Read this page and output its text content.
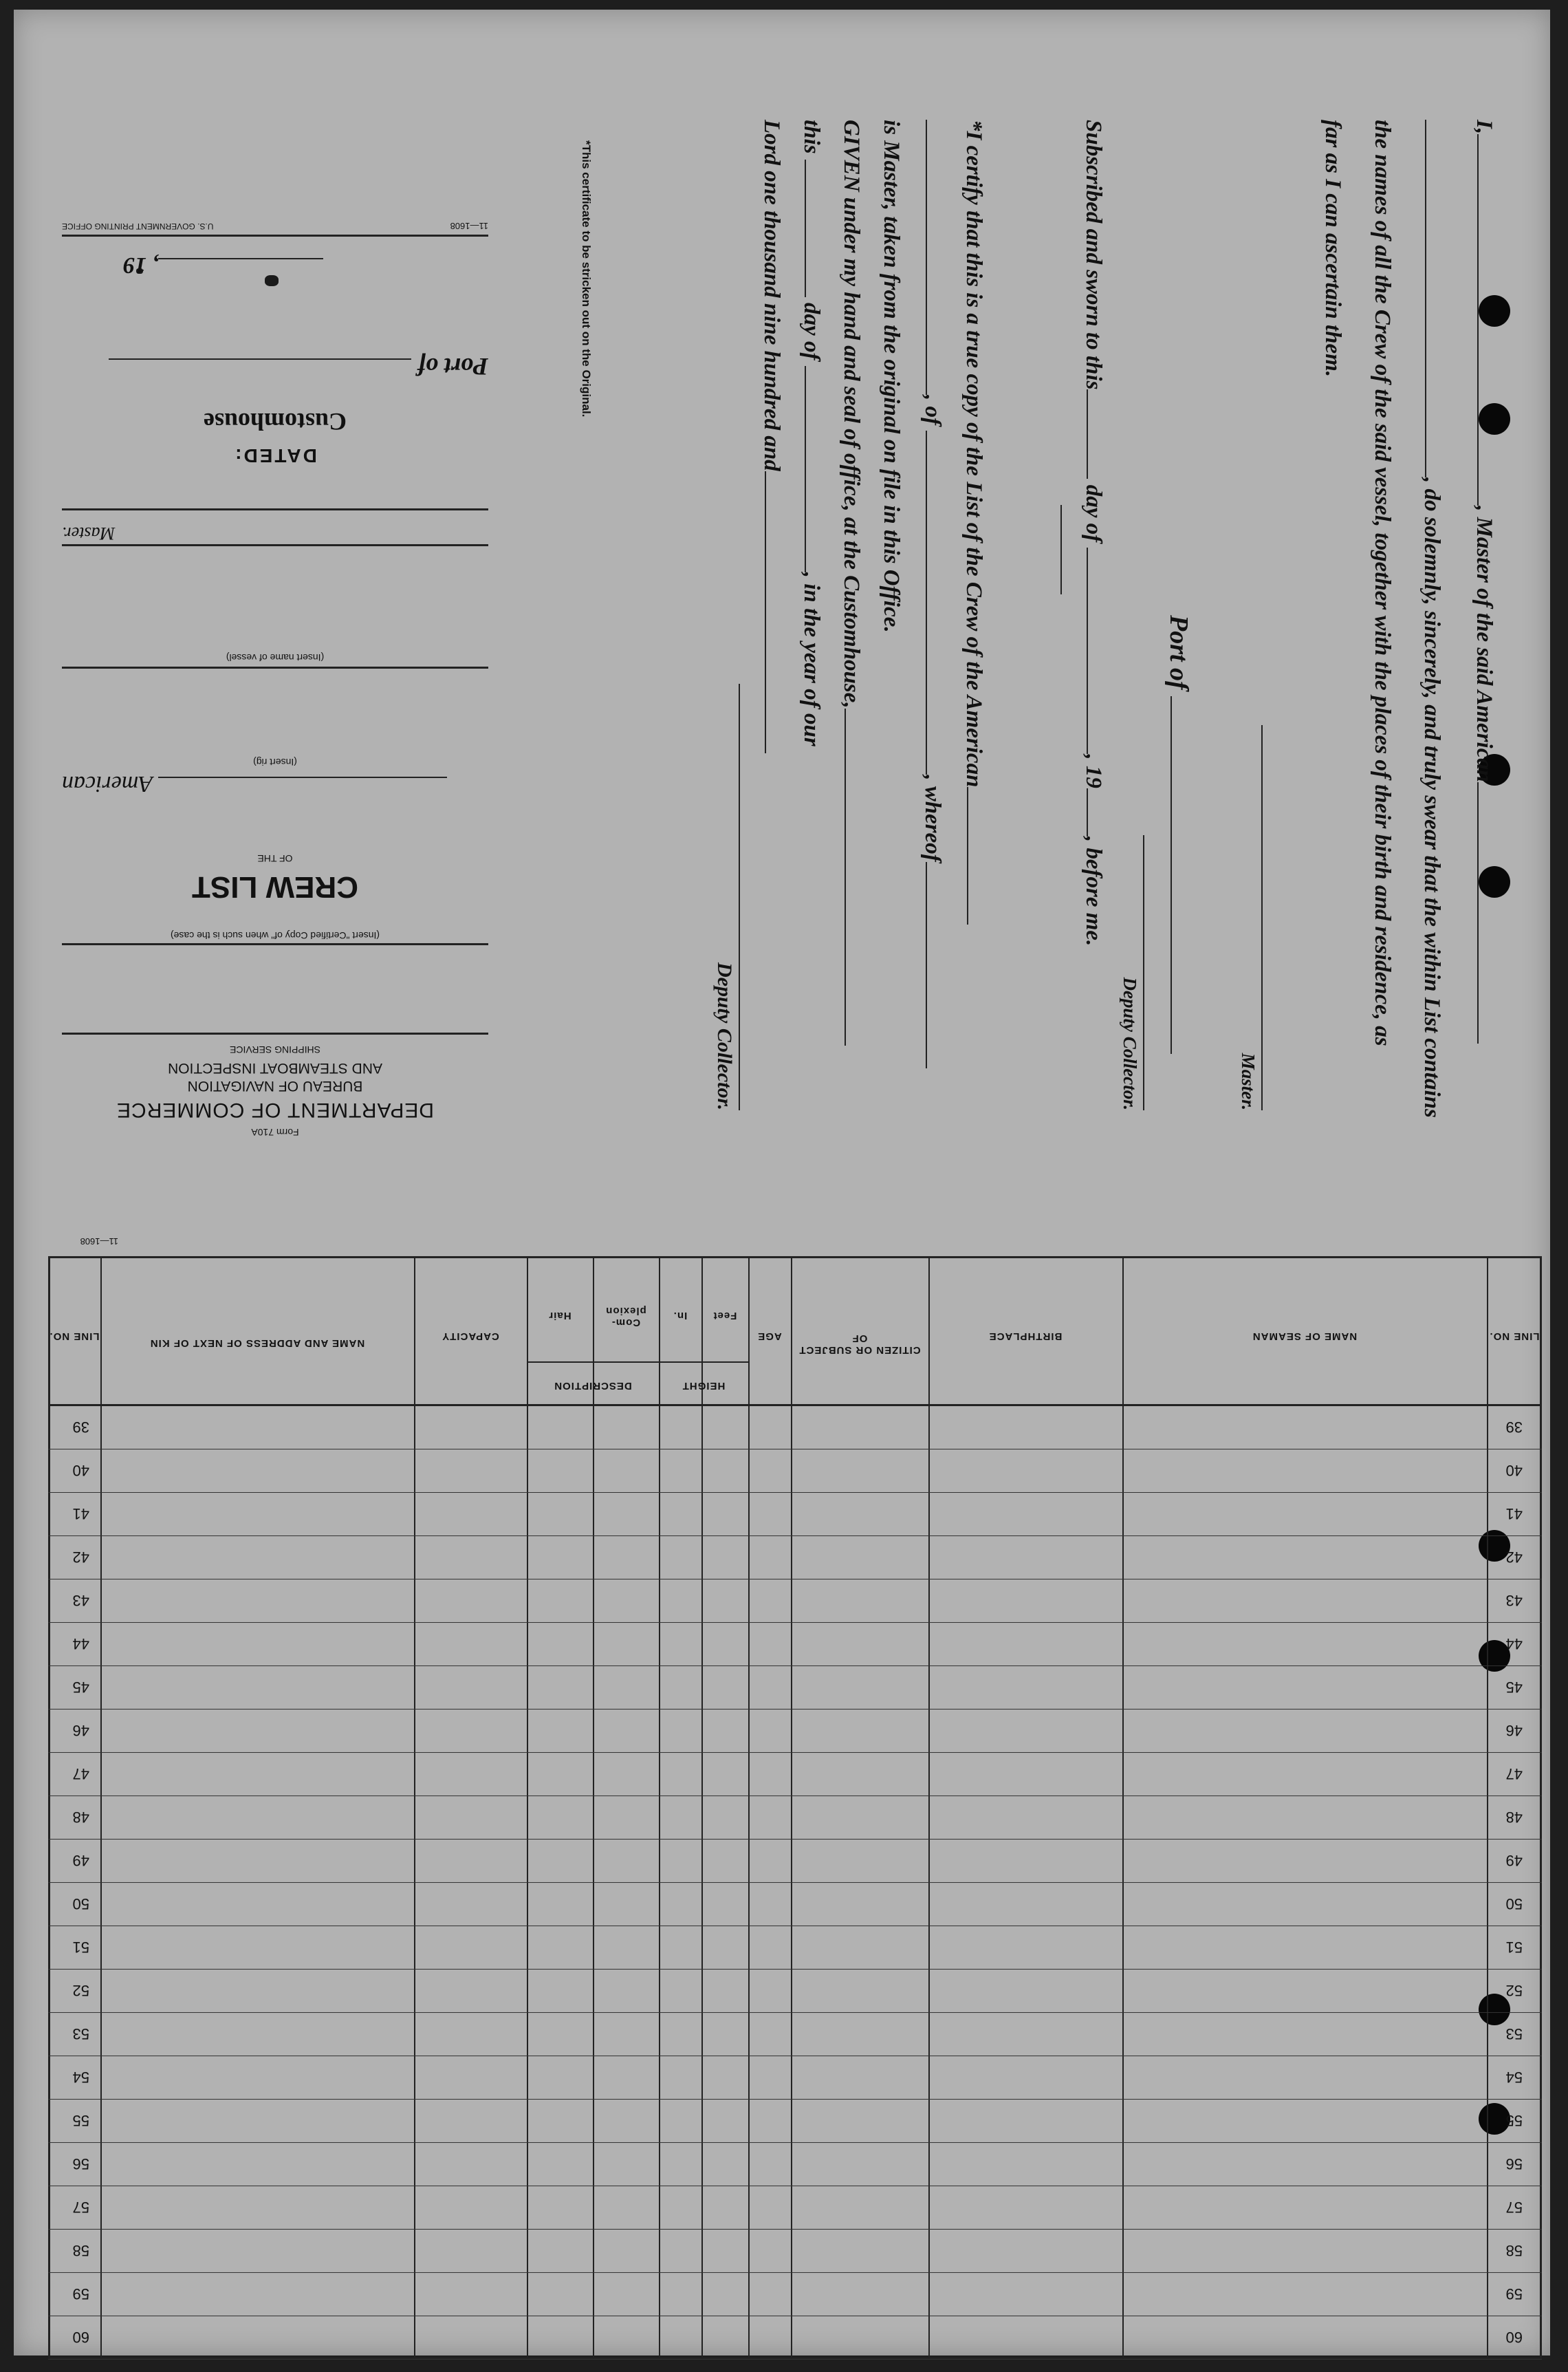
I,, Master of the said American
, do solemnly, sincerely, and truly swear that the within List contains
the names of all the Crew of the said vessel, together with the places of their birth and residence, as
far as I can ascertain them.
Master.
Port of
Deputy Collector.
Subscribed and sworn to this day of , 19, before me.
*I certify that this is a true copy of the List of the Crew of the American
, of , whereof
is Master, taken from the original on file in this Office.
GIVEN under my hand and seal of office, at the Customhouse,
this  day of , in the year of our
Lord one thousand nine hundred and
Deputy Collector.
*This certificate to be stricken out on the Original.
Form 710A
DEPARTMENT OF COMMERCE
BUREAU OF NAVIGATION
AND STEAMBOAT INSPECTION
SHIPPING SERVICE
(Insert "Certified Copy of" when such is the case)
CREW LIST
OF THE
American
(Insert rig)
(Insert name of vessel)
Master.
DATED:
Customhouse
Port of
, 19
11—1608
U.S. GOVERNMENT PRINTING OFFICE
39
39
40
40
41
41
42
42
43
43
44
44
45
45
46
46
47
47
48
48
49
49
50
50
51
51
52
52
53
53
54
54
55
55
56
56
57
57
58
58
59
59
60
60
LINE NO.
NAME OF SEAMAN
BIRTHPLACE
CITIZEN OR SUBJECT OF
AGE
HEIGHT
Feet
In.
DESCRIPTION
Com- plexion
Hair
CAPACITY
NAME AND ADDRESS OF NEXT OF KIN
LINE NO.
11—1608
